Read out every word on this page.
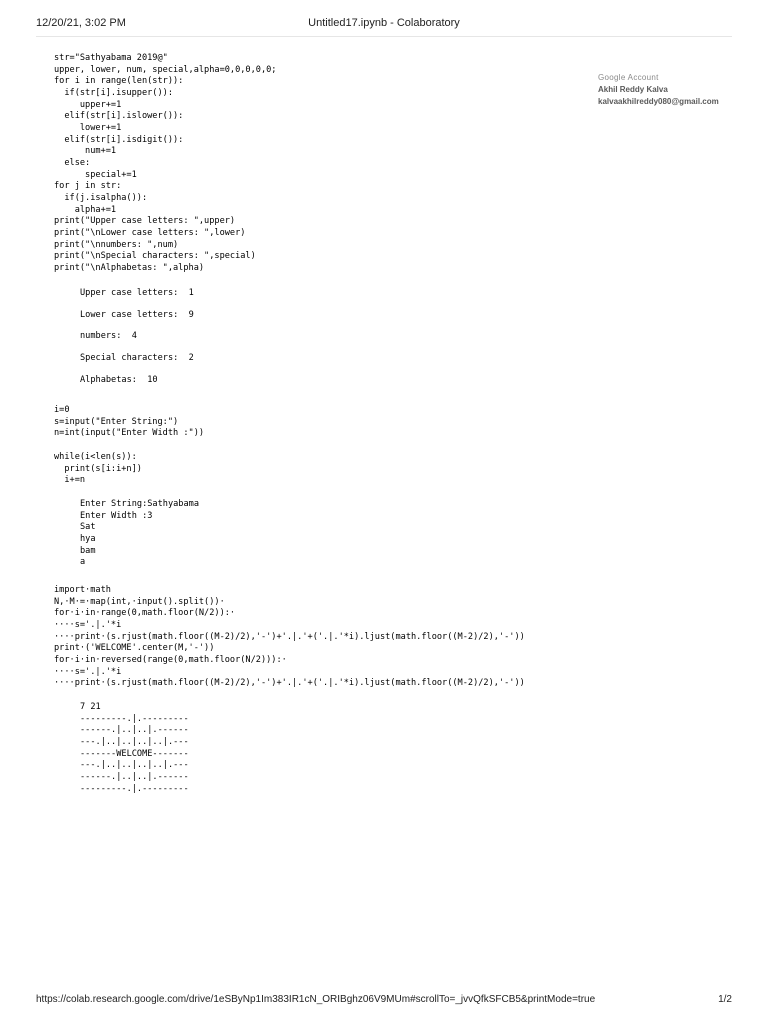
12/20/21, 3:02 PM	Untitled17.ipynb - Colaboratory
Google Account
Akhil Reddy Kalva
kalvaakhilreddy080@gmail.com
str="Sathyabama 2019@"
upper, lower, num, special,alpha=0,0,0,0,0;
for i in range(len(str)):
if(str[i].isupper()):
upper+=1
elif(str[i].islower()):
lower+=1
elif(str[i].isdigit()):
num+=1
else:
special+=1
for j in str:
if(j.isalpha()):
alpha+=1
print("Upper case letters: ",upper)
print("\nLower case letters: ",lower)
print("\nnumbers: ",num)
print("\nSpecial characters: ",special)
print("\nAlphabetas: ",alpha)
Upper case letters:  1
Lower case letters:  9
numbers:  4
Special characters:  2
Alphabetas:  10
i=0
s=input("Enter String:")
n=int(input("Enter Width :"))
while(i<len(s)):
print(s[i:i+n])
i+=n
Enter String:Sathyabama
Enter Width :3
Sat
hya
bam
a
import·math
N,·M·=·map(int,·input().split())·
for·i·in·range(0,math.floor(N/2)):·
····s='.|.'*i
····print·(s.rjust(math.floor((M-2)/2),'-')+'.|.'+('.|.'*i).ljust(math.floor((M-2)/2),'-'))
print·('WELCOME'.center(M,'-'))
for·i·in·reversed(range(0,math.floor(N/2))):·
····s='.|.'*i
····print·(s.rjust(math.floor((M-2)/2),'-')+'.|.'+('.|.'*i).ljust(math.floor((M-2)/2),'-'))
7 21
---------.|.---------
------.|..|..|.------
---.|..|..|..|..|.---
-------WELCOME-------
---.|..|..|..|..|.---
------.|..|..|.------
---------.|.---------
https://colab.research.google.com/drive/1eSByNp1Im383IR1cN_ORIBghz06V9MUm#scrollTo=_jvvQfkSFCB5&printMode=true	1/2
